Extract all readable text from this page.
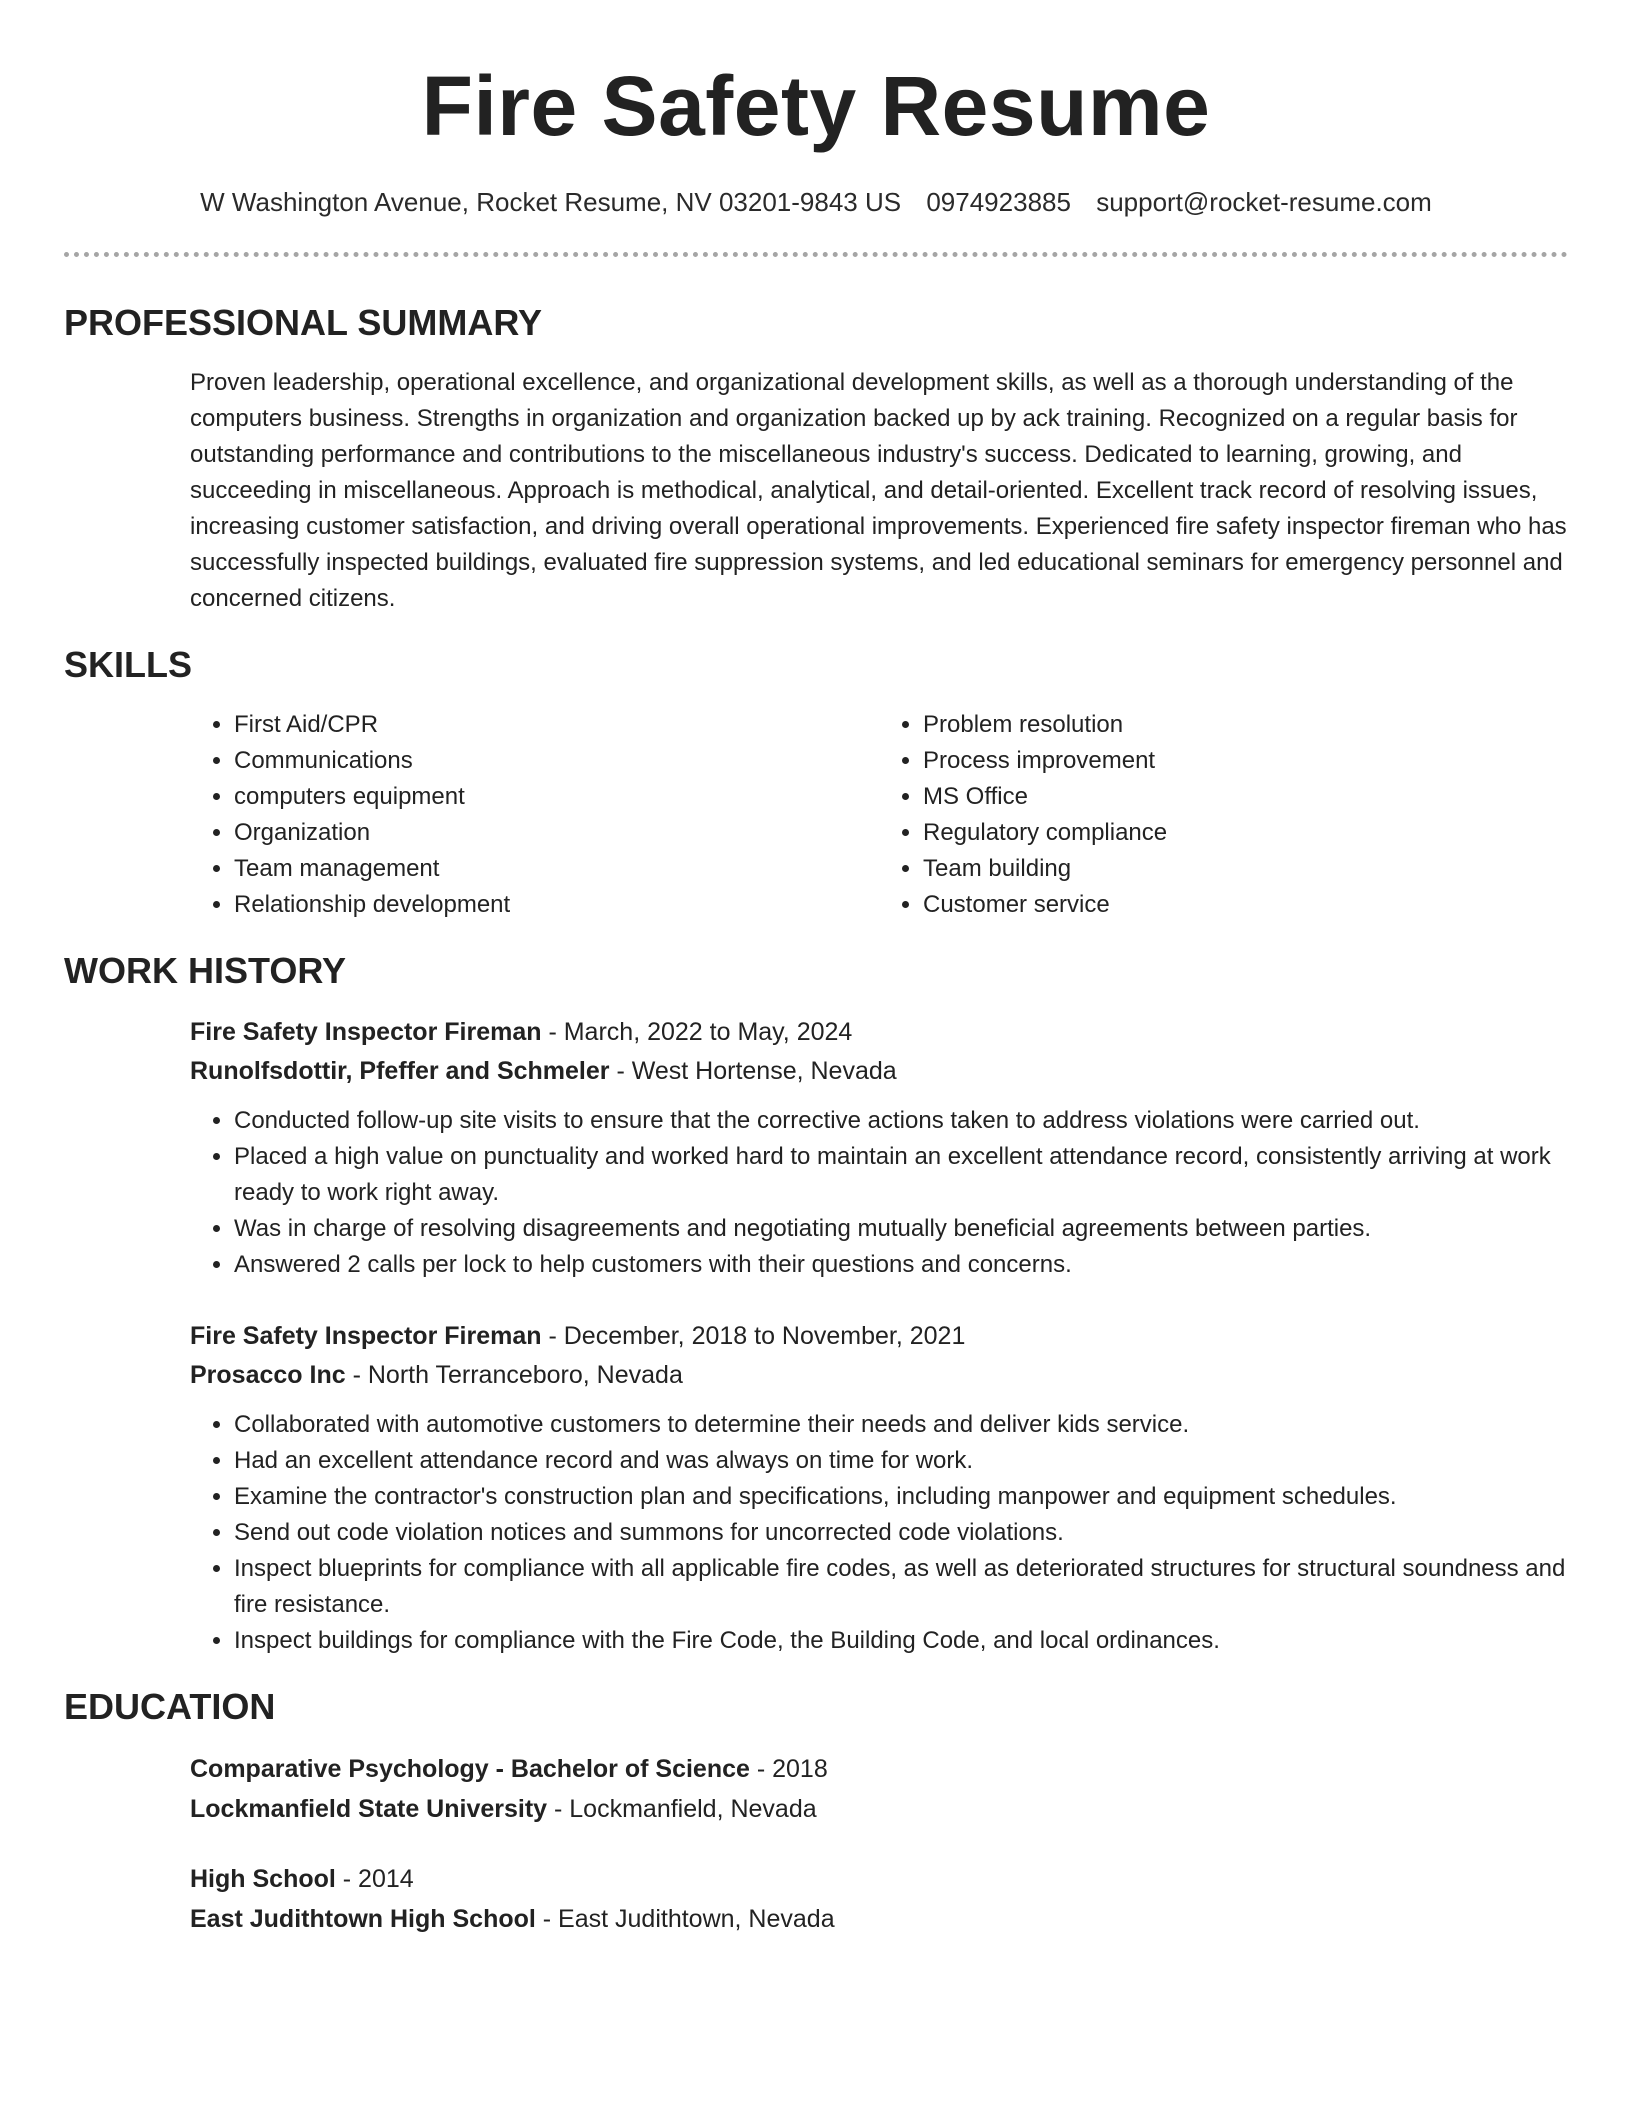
Fire Safety Resume
W Washington Avenue, Rocket Resume, NV 03201-9843 US 0974923885 support@rocket-resume.com
PROFESSIONAL SUMMARY

Proven leadership, operational excellence, and organizational development skills, as well as a thorough understanding of the computers business. Strengths in organization and organization backed up by ack training. Recognized on a regular basis for outstanding performance and contributions to the miscellaneous industry's success. Dedicated to learning, growing, and succeeding in miscellaneous. Approach is methodical, analytical, and detail-oriented. Excellent track record of resolving issues, increasing customer satisfaction, and driving overall operational improvements. Experienced fire safety inspector fireman who has successfully inspected buildings, evaluated fire suppression systems, and led educational seminars for emergency personnel and concerned citizens.

SKILLS
• First Aid/CPR
• Communications
• computers equipment
• Organization
• Team management
• Relationship development
• Problem resolution
• Process improvement
• MS Office
• Regulatory compliance
• Team building
• Customer service
WORK HISTORY
Fire Safety Inspector Fireman - March, 2022 to May, 2024
Runolfsdottir, Pfeffer and Schmeler - West Hortense, Nevada
• Conducted follow-up site visits to ensure that the corrective actions taken to address violations were carried out.
• Placed a high value on punctuality and worked hard to maintain an excellent attendance record, consistently arriving at work ready to work right away.
• Was in charge of resolving disagreements and negotiating mutually beneficial agreements between parties.
• Answered 2 calls per lock to help customers with their questions and concerns.
Fire Safety Inspector Fireman - December, 2018 to November, 2021
Prosacco Inc - North Terranceboro, Nevada
• Collaborated with automotive customers to determine their needs and deliver kids service.
• Had an excellent attendance record and was always on time for work.
• Examine the contractor's construction plan and specifications, including manpower and equipment schedules.
• Send out code violation notices and summons for uncorrected code violations.
• Inspect blueprints for compliance with all applicable fire codes, as well as deteriorated structures for structural soundness and fire resistance.
• Inspect buildings for compliance with the Fire Code, the Building Code, and local ordinances.
EDUCATION
Comparative Psychology - Bachelor of Science - 2018
Lockmanfield State University - Lockmanfield, Nevada
High School - 2014
East Judithtown High School - East Judithtown, Nevada
